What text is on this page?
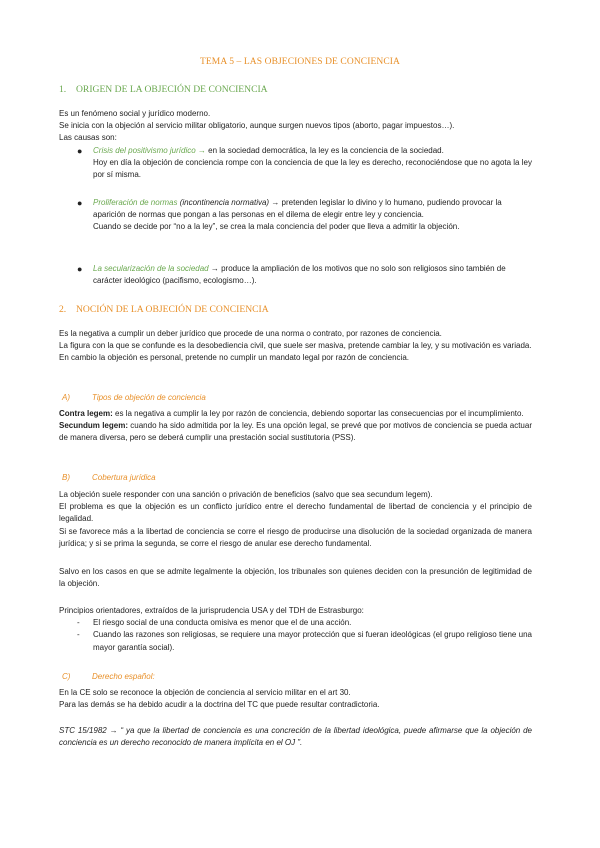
TEMA 5 – LAS OBJECIONES DE CONCIENCIA
1. ORIGEN DE LA OBJECIÓN DE CONCIENCIA

Es un fenómeno social y jurídico moderno.

Se inicia con la objeción al servicio militar obligatorio, aunque surgen nuevos tipos (aborto, pagar impuestos…).

Las causas son:

● Crisis del positivismo jurídico → en la sociedad democrática, la ley es la conciencia de la sociedad.

Hoy en día la objeción de conciencia rompe con la conciencia de que la ley es derecho, reconociéndose que no agota la ley por sí misma.

● Proliferación de normas (incontinencia normativa) → pretenden legislar lo divino y lo humano, pudiendo provocar la aparición de normas que pongan a las personas en el dilema de elegir entre ley y conciencia.

Cuando se decide por “no a la ley”, se crea la mala conciencia del poder que lleva a admitir la objeción.

● La secularización de la sociedad → produce la ampliación de los motivos que no solo son religiosos sino también de carácter ideológico (pacifismo, ecologismo…).

2. NOCIÓN DE LA OBJECIÓN DE CONCIENCIA

Es la negativa a cumplir un deber jurídico que procede de una norma o contrato, por razones de conciencia.

La figura con la que se confunde es la desobediencia civil, que suele ser masiva, pretende cambiar la ley, y su motivación es variada.

En cambio la objeción es personal, pretende no cumplir un mandato legal por razón de conciencia.

A)	Tipos de objeción de conciencia

Contra legem: es la negativa a cumplir la ley por razón de conciencia, debiendo soportar las consecuencias por el incumplimiento.

Secundum legem: cuando ha sido admitida por la ley. Es una opción legal, se prevé que por motivos de conciencia se pueda actuar de manera diversa, pero se deberá cumplir una prestación social sustitutoria (PSS).

B)	Cobertura jurídica

La objeción suele responder con una sanción o privación de beneficios (salvo que sea secundum legem).

El problema es que la objeción es un conflicto jurídico entre el derecho fundamental de libertad de conciencia y el principio de legalidad.

Si se favorece más a la libertad de conciencia se corre el riesgo de producirse una disolución de la sociedad organizada de manera jurídica; y si se prima la segunda, se corre el riesgo de anular ese derecho fundamental.

Salvo en los casos en que se admite legalmente la objeción, los tribunales son quienes deciden con la presunción de legitimidad de la objeción.

Principios orientadores, extraídos de la jurisprudencia USA y del TDH de Estrasburgo:

- El riesgo social de una conducta omisiva es menor que el de una acción.

- Cuando las razones son religiosas, se requiere una mayor protección que si fueran ideológicas (el grupo religioso tiene una mayor garantía social).

C)	Derecho español:

En la CE solo se reconoce la objeción de conciencia al servicio militar en el art 30.

Para las demás se ha debido acudir a la doctrina del TC que puede resultar contradictoria.

STC 15/1982 → “ ya que la libertad de conciencia es una concreción de la libertad ideológica, puede afirmarse que la objeción de conciencia es un derecho reconocido de manera implícita en el OJ ”.
